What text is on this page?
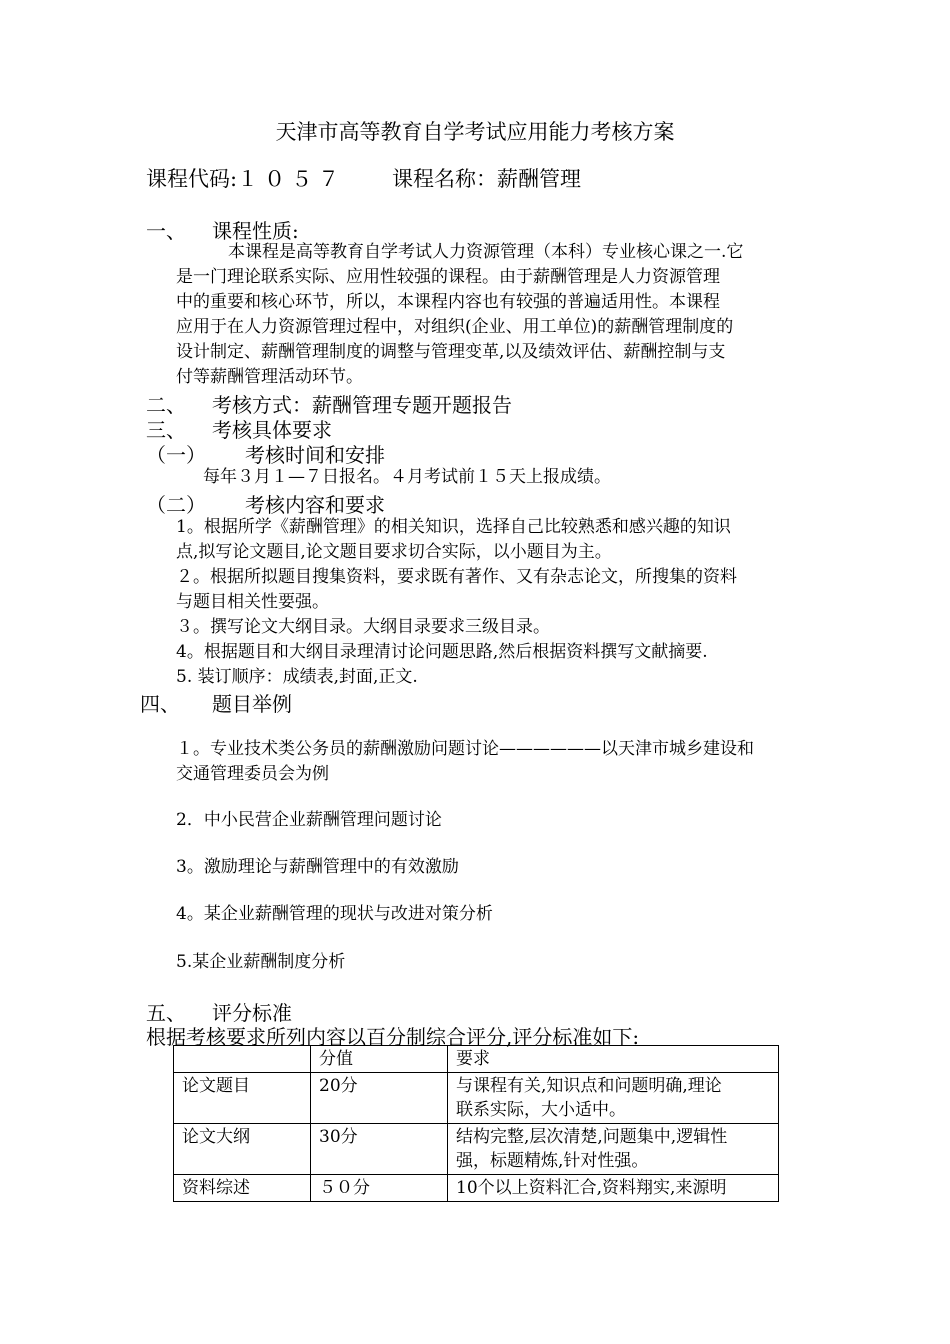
天津市高等教育自学考试应用能力考核方案
课程代码:１０５７ 课程名称：薪酬管理
一、 课程性质:
本课程是高等教育自学考试人力资源管理（本科）专业核心课之一.它
是一门理论联系实际、应用性较强的课程。由于薪酬管理是人力资源管理
中的重要和核心环节，所以，本课程内容也有较强的普遍适用性。本课程
应用于在人力资源管理过程中，对组织(企业、用工单位)的薪酬管理制度的
设计制定、薪酬管理制度的调整与管理变革,以及绩效评估、薪酬控制与支
付等薪酬管理活动环节。
二、 考核方式：薪酬管理专题开题报告
三、 考核具体要求
（一） 考核时间和安排
每年３月１—７日报名。４月考试前１５天上报成绩。
（二） 考核内容和要求
1。根据所学《薪酬管理》的相关知识，选择自己比较熟悉和感兴趣的知识
点,拟写论文题目,论文题目要求切合实际，以小题目为主。
２。根据所拟题目搜集资料，要求既有著作、又有杂志论文，所搜集的资料
与题目相关性要强。
３。撰写论文大纲目录。大纲目录要求三级目录。
4。根据题目和大纲目录理清讨论问题思路,然后根据资料撰写文献摘要.
5. 装订顺序：成绩表,封面,正文.
四、 题目举例
１。专业技术类公务员的薪酬激励问题讨论——————以天津市城乡建设和
交通管理委员会为例
2．中小民营企业薪酬管理问题讨论
3。激励理论与薪酬管理中的有效激励
4。某企业薪酬管理的现状与改进对策分析
5.某企业薪酬制度分析
五、 评分标准
根据考核要求所列内容以百分制综合评分,评分标准如下:
	分值	要求
论文题目	20分	与课程有关,知识点和问题明确,理论
联系实际，大小适中。

论文大纲	30分	结构完整,层次清楚,问题集中,逻辑性
强，标题精炼,针对性强。

资料综述	５０分	10个以上资料汇合,资料翔实,来源明
